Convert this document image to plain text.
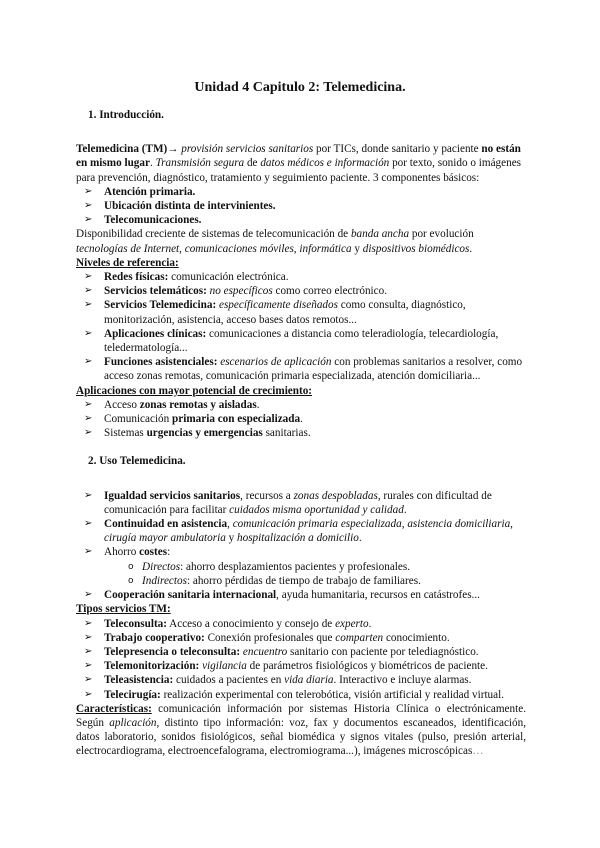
Unidad 4 Capitulo 2: Telemedicina.

1. Introducción.

Telemedicina (TM)→ provisión servicios sanitarios por TICs, donde sanitario y paciente no están en mismo lugar. Transmisión segura de datos médicos e información por texto, sonido o imágenes para prevención, diagnóstico, tratamiento y seguimiento paciente. 3 componentes básicos:

➢ Atención primaria.

➢ Ubicación distinta de intervinientes.

➢ Telecomunicaciones.

Disponibilidad creciente de sistemas de telecomunicación de banda ancha por evolución tecnologías de Internet, comunicaciones móviles, informática y dispositivos biomédicos.

Niveles de referencia:

➢ Redes físicas: comunicación electrónica.

➢ Servicios telemáticos: no específicos como correo electrónico.

➢ Servicios Telemedicina: específicamente diseñados como consulta, diagnóstico, monitorización, asistencia, acceso bases datos remotos...

➢ Aplicaciones clínicas: comunicaciones a distancia como teleradiología, telecardiología, teledermatología...

➢ Funciones asistenciales: escenarios de aplicación con problemas sanitarios a resolver, como acceso zonas remotas, comunicación primaria especializada, atención domiciliaria...

Aplicaciones con mayor potencial de crecimiento:

➢ Acceso zonas remotas y aisladas.

➢ Comunicación primaria con especializada.

➢ Sistemas urgencias y emergencias sanitarias.

2. Uso Telemedicina.

➢ Igualdad servicios sanitarios, recursos a zonas despobladas, rurales con dificultad de comunicación para facilitar cuidados misma oportunidad y calidad.

➢ Continuidad en asistencia, comunicación primaria especializada, asistencia domiciliaria, cirugía mayor ambulatoria y hospitalización a domicilio.

➢ Ahorro costes:

o Directos: ahorro desplazamientos pacientes y profesionales.

o Indirectos: ahorro pérdidas de tiempo de trabajo de familiares.

➢ Cooperación sanitaria internacional, ayuda humanitaria, recursos en catástrofes...

Tipos servicios TM:

➢ Teleconsulta: Acceso a conocimiento y consejo de experto.

➢ Trabajo cooperativo: Conexión profesionales que comparten conocimiento.

➢ Telepresencia o teleconsulta: encuentro sanitario con paciente por telediagnóstico.

➢ Telemonitorización: vigilancia de parámetros fisiológicos y biométricos de paciente.

➢ Teleasistencia: cuidados a pacientes en vida diaria. Interactivo e incluye alarmas.

➢ Telecirugía: realización experimental con telerobótica, visión artificial y realidad virtual.

Características: comunicación información por sistemas Historia Clínica o electrónicamente. Según aplicación, distinto tipo información: voz, fax y documentos escaneados, identificación, datos laboratorio, sonidos fisiológicos, señal biomédica y signos vitales (pulso, presión arterial, electrocardiograma, electroencefalograma, electromiograma...), imágenes microscópicas…
